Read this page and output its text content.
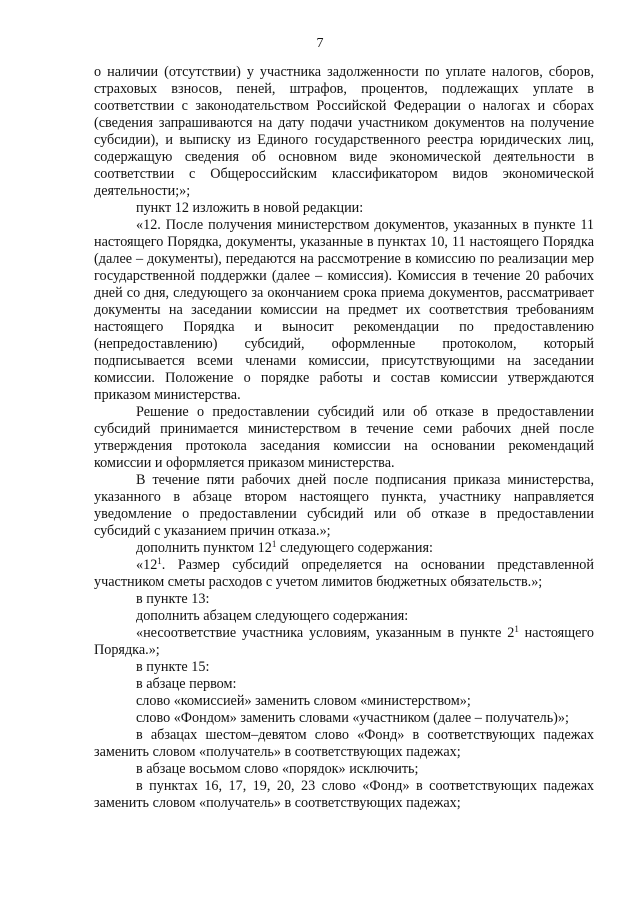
7

о наличии (отсутствии) у участника задолженности по уплате налогов, сборов, страховых взносов, пеней, штрафов, процентов, подлежащих уплате в соответствии с законодательством Российской Федерации о налогах и сборах (сведения запрашиваются на дату подачи участником документов на получение субсидии), и выписку из Единого государственного реестра юридических лиц, содержащую сведения об основном виде экономической деятельности в соответствии с Общероссийским классификатором видов экономической деятельности;»;

пункт 12 изложить в новой редакции:

«12. После получения министерством документов, указанных в пункте 11 настоящего Порядка, документы, указанные в пунктах 10, 11 настоящего Порядка (далее – документы), передаются на рассмотрение в комиссию по реализации мер государственной поддержки (далее – комиссия). Комиссия в течение 20 рабочих дней со дня, следующего за окончанием срока приема документов, рассматривает документы на заседании комиссии на предмет их соответствия требованиям настоящего Порядка и выносит рекомендации по предоставлению (непредоставлению) субсидий, оформленные протоколом, который подписывается всеми членами комиссии, присутствующими на заседании комиссии. Положение о порядке работы и состав комиссии утверждаются приказом министерства.

Решение о предоставлении субсидий или об отказе в предоставлении субсидий принимается министерством в течение семи рабочих дней после утверждения протокола заседания комиссии на основании рекомендаций комиссии и оформляется приказом министерства.

В течение пяти рабочих дней после подписания приказа министерства, указанного в абзаце втором настоящего пункта, участнику направляется уведомление о предоставлении субсидий или об отказе в предоставлении субсидий с указанием причин отказа.»;

дополнить пунктом $12^1$ следующего содержания:

«$12^1$. Размер субсидий определяется на основании представленной участником сметы расходов с учетом лимитов бюджетных обязательств.»;

в пункте 13:

дополнить абзацем следующего содержания:

«несоответствие участника условиям, указанным в пункте $2^1$ настоящего Порядка.»;

в пункте 15:

в абзаце первом:

слово «комиссией» заменить словом «министерством»;

слово «Фондом» заменить словами «участником (далее – получатель)»;

в абзацах шестом–девятом слово «Фонд» в соответствующих падежах заменить словом «получатель» в соответствующих падежах;

в абзаце восьмом слово «порядок» исключить;

в пунктах 16, 17, 19, 20, 23 слово «Фонд» в соответствующих падежах заменить словом «получатель» в соответствующих падежах;
